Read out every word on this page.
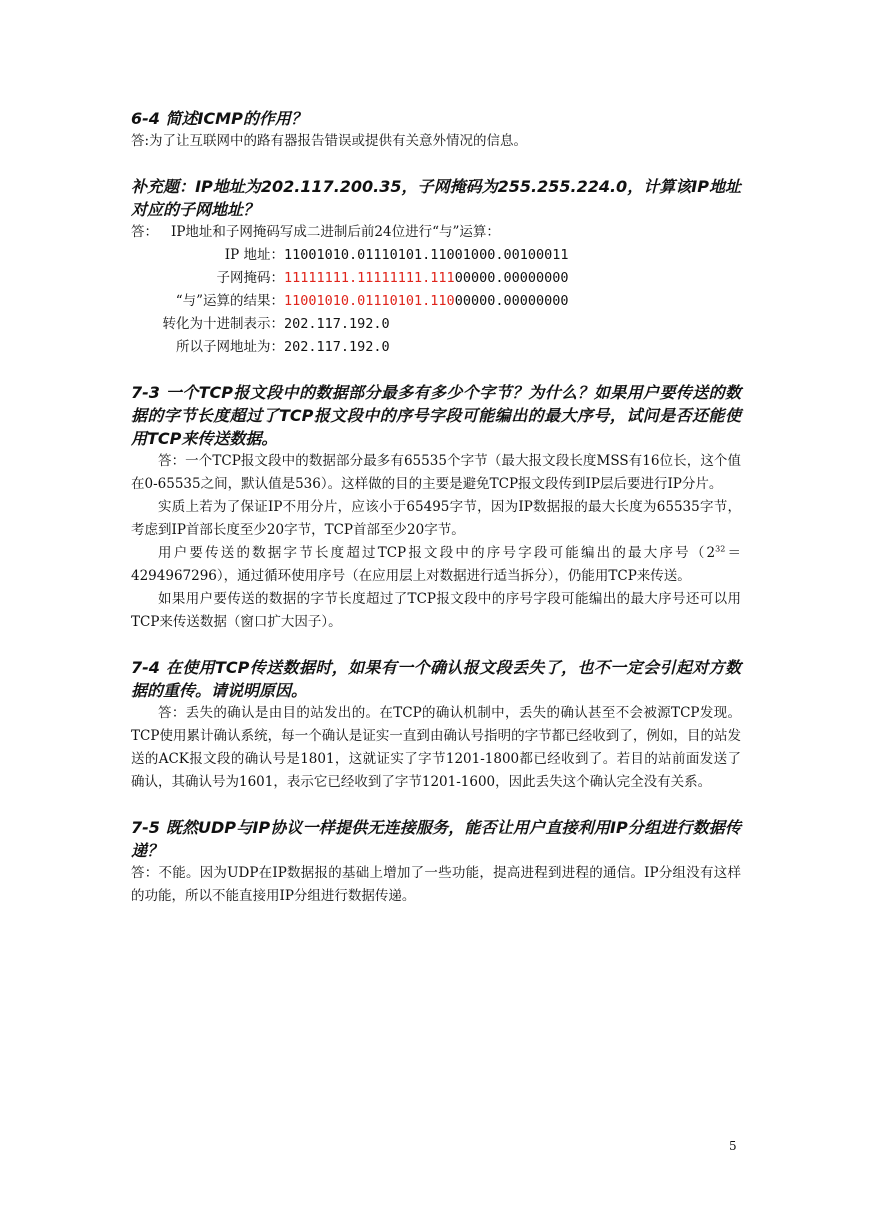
6-4 简述ICMP的作用？

答:为了让互联网中的路有器报告错误或提供有关意外情况的信息。

补充题：IP地址为202.117.200.35，子网掩码为255.255.224.0，计算该IP地址对应的子网地址？

答： IP地址和子网掩码写成二进制后前24位进行“与”运算：
IP 地址： 11001010.01110101.11001000.00100011
子网掩码： 11111111.11111111.111 00000.00000000
“与”运算的结果： 11001010.01110101.110 00000.00000000
转化为十进制表示： 202.117.192.0
所以子网地址为： 202.117.192.0

7-3 一个TCP报文段中的数据部分最多有多少个字节？为什么？如果用户要传送的数据的字节长度超过了TCP报文段中的序号字段可能编出的最大序号，试问是否还能使用TCP来传送数据。

答：一个TCP报文段中的数据部分最多有65535个字节（最大报文段长度MSS有16位长，这个值在0-65535之间，默认值是536）。这样做的目的主要是避免TCP报文段传到IP层后要进行IP分片。

实质上若为了保证IP不用分片，应该小于65495字节，因为IP数据报的最大长度为65535字节，考虑到IP首部长度至少20字节，TCP首部至少20字节。

用户要传送的数据字节长度超过TCP报文段中的序号字段可能编出的最大序号$(2^{32}=4294967296)$，通过循环使用序号（在应用层上对数据进行适当拆分），仍能用TCP来传送。

如果用户要传送的数据的字节长度超过了TCP报文段中的序号字段可能编出的最大序号还可以用TCP来传送数据（窗口扩大因子）。

7-4 在使用TCP传送数据时，如果有一个确认报文段丢失了，也不一定会引起对方数据的重传。请说明原因。

答：丢失的确认是由目的站发出的。在TCP的确认机制中，丢失的确认甚至不会被源TCP发现。TCP使用累计确认系统，每一个确认是证实一直到由确认号指明的字节都已经收到了，例如，目的站发送的ACK报文段的确认号是1801，这就证实了字节1201-1800都已经收到了。若目的站前面发送了确认，其确认号为1601，表示它已经收到了字节1201-1600，因此丢失这个确认完全没有关系。

7-5 既然UDP与IP协议一样提供无连接服务，能否让用户直接利用IP分组进行数据传递？

答：不能。因为UDP在IP数据报的基础上增加了一些功能，提高进程到进程的通信。IP分组没有这样的功能，所以不能直接用IP分组进行数据传递。

5
